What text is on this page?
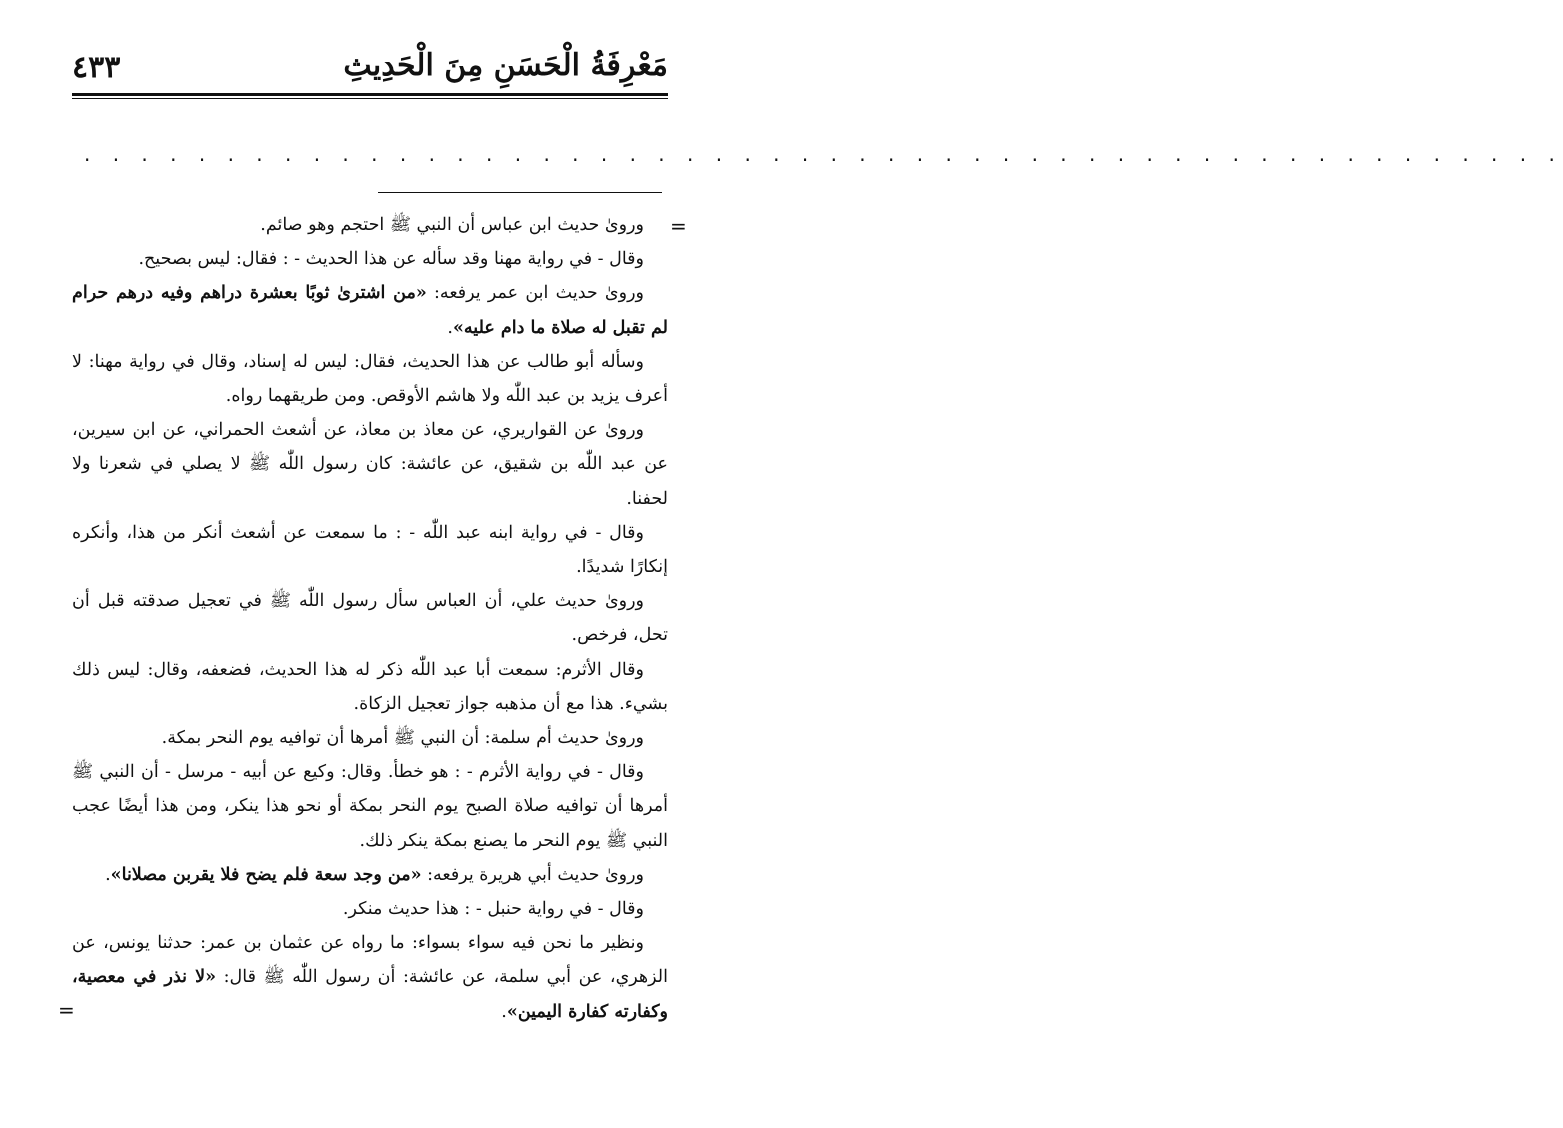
٤٣٣	مَعْرِفَةُ الْحَسَنِ مِنَ الْحَدِيثِ
. . . . . . . . . . . . . . . . . . . . . . . . . . . . . . . . . . . . . . . . . . . . . . . . . . . .
=
=

ورویٰ حديث ابن عباس أن النبي ﷺ احتجم وهو صائم.

وقال - في رواية مهنا وقد سأله عن هذا الحديث - : فقال: ليس بصحيح.

ورویٰ حديث ابن عمر يرفعه: «من اشترىٰ ثوبًا بعشرة دراهم وفيه درهم حرام لم تقبل له صلاة ما دام عليه».

وسأله أبو طالب عن هذا الحديث، فقال: ليس له إسناد، وقال في رواية مهنا: لا أعرف يزيد بن عبد اللّٰه ولا هاشم الأوقص. ومن طريقهما رواه.

ورویٰ عن القواريري، عن معاذ بن معاذ، عن أشعث الحمراني، عن ابن سيرين، عن عبد اللّٰه بن شقيق، عن عائشة: كان رسول اللّٰه ﷺ لا يصلي في شعرنا ولا لحفنا.

وقال - في رواية ابنه عبد اللّٰه - : ما سمعت عن أشعث أنكر من هذا، وأنكره إنكارًا شديدًا.

ورویٰ حديث علي، أن العباس سأل رسول اللّٰه ﷺ في تعجيل صدقته قبل أن تحل، فرخص.

وقال الأثرم: سمعت أبا عبد اللّٰه ذكر له هذا الحديث، فضعفه، وقال: ليس ذلك بشيء. هذا مع أن مذهبه جواز تعجيل الزكاة.

ورویٰ حديث أم سلمة: أن النبي ﷺ أمرها أن توافيه يوم النحر بمكة.

وقال - في رواية الأثرم - : هو خطأ. وقال: وكيع عن أبيه - مرسل - أن النبي ﷺ أمرها أن توافيه صلاة الصبح يوم النحر بمكة أو نحو هذا ينكر، ومن هذا أيضًا عجب النبي ﷺ يوم النحر ما يصنع بمكة ينكر ذلك.

ورویٰ حديث أبي هريرة يرفعه: «من وجد سعة فلم يضح فلا يقربن مصلانا».

وقال - في رواية حنبل - : هذا حديث منكر.

ونظير ما نحن فيه سواء بسواء: ما رواه عن عثمان بن عمر: حدثنا يونس، عن الزهري، عن أبي سلمة، عن عائشة: أن رسول اللّٰه ﷺ قال: «لا نذر في معصية، وكفارته كفارة اليمين».
